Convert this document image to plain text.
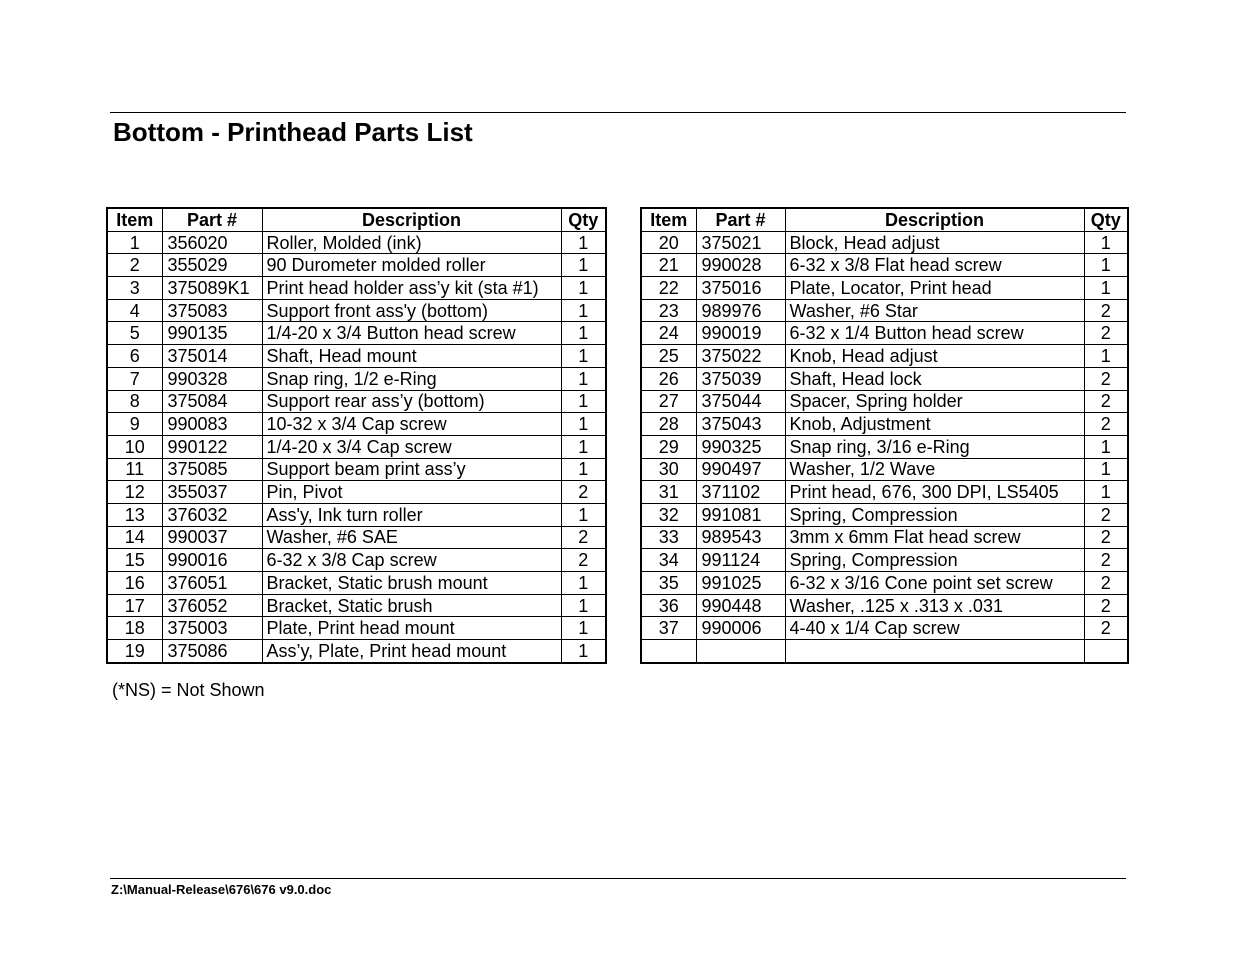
Bottom - Printhead Parts List
Item	Part #	Description	Qty
1	356020	Roller, Molded (ink)	1
2	355029	90 Durometer molded roller	1
3	375089K1	Print head holder ass’y kit (sta #1)	1
4	375083	Support front ass'y (bottom)	1
5	990135	1/4-20 x 3/4 Button head screw	1
6	375014	Shaft, Head mount	1
7	990328	Snap ring, 1/2 e-Ring	1
8	375084	Support rear ass’y (bottom)	1
9	990083	10-32 x 3/4 Cap screw	1
10	990122	1/4-20 x 3/4 Cap screw	1
11	375085	Support beam print ass’y	1
12	355037	Pin, Pivot	2
13	376032	Ass'y, Ink turn roller	1
14	990037	Washer, #6 SAE	2
15	990016	6-32 x 3/8 Cap screw	2
16	376051	Bracket, Static brush mount	1
17	376052	Bracket, Static brush	1
18	375003	Plate, Print head mount	1
19	375086	Ass’y, Plate, Print head mount	1
Item	Part #	Description	Qty
20	375021	Block, Head adjust	1
21	990028	6-32 x 3/8 Flat head screw	1
22	375016	Plate, Locator, Print head	1
23	989976	Washer, #6 Star	2
24	990019	6-32 x 1/4 Button head screw	2
25	375022	Knob, Head adjust	1
26	375039	Shaft, Head lock	2
27	375044	Spacer, Spring holder	2
28	375043	Knob, Adjustment	2
29	990325	Snap ring, 3/16 e-Ring	1
30	990497	Washer, 1/2 Wave	1
31	371102	Print head, 676, 300 DPI, LS5405	1
32	991081	Spring, Compression	2
33	989543	3mm x 6mm Flat head screw	2
34	991124	Spring, Compression	2
35	991025	6-32 x 3/16 Cone point set screw	2
36	990448	Washer, .125 x .313 x .031	2
37	990006	4-40 x 1/4 Cap screw	2

(*NS) = Not Shown
Z:\Manual-Release\676\676 v9.0.doc
